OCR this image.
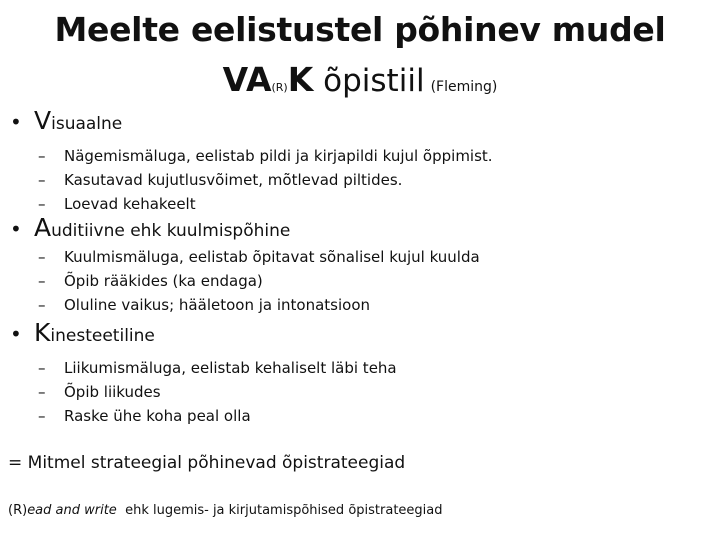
Meelte eelistustel põhinev mudel
VA(R)K õpistiil (Fleming)
• Visuaalne
–	Nägemismäluga, eelistab pildi ja kirjapildi kujul õppimist.
–	Kasutavad kujutlusvõimet, mõtlevad piltides.
–	Loevad kehakeelt
• Auditiivne ehk kuulmispõhine
–	Kuulmismäluga, eelistab õpitavat sõnalisel kujul kuulda
–	Õpib rääkides (ka endaga)
–	Oluline vaikus; hääletoon ja intonatsioon
• Kinesteetiline
–	Liikumismäluga, eelistab kehaliselt läbi teha
–	Õpib liikudes
–	Raske ühe koha peal olla
= Mitmel strateegial põhinevad õpistrateegiad
(R)ead and write  ehk lugemis- ja kirjutamispõhised õpistrateegiad
